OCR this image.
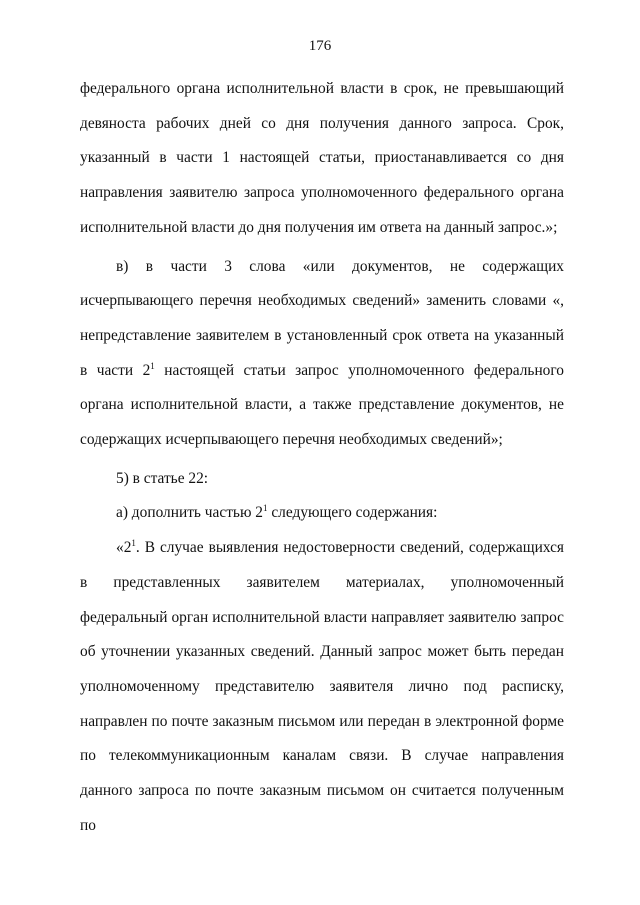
176

федерального органа исполнительной власти в срок, не превышающий девяноста рабочих дней со дня получения данного запроса. Срок, указанный в части 1 настоящей статьи, приостанавливается со дня направления заявителю запроса уполномоченного федерального органа исполнительной власти до дня получения им ответа на данный запрос.»;

в) в части 3 слова «или документов, не содержащих исчерпывающего перечня необходимых сведений» заменить словами «, непредставление заявителем в установленный срок ответа на указанный в части $2^1$ настоящей статьи запрос уполномоченного федерального органа исполнительной власти, а также представление документов, не содержащих исчерпывающего перечня необходимых сведений»;

5) в статье 22:

а) дополнить частью $2^1$ следующего содержания:

«$2^1$. В случае выявления недостоверности сведений, содержащихся в представленных заявителем материалах, уполномоченный федеральный орган исполнительной власти направляет заявителю запрос об уточнении указанных сведений. Данный запрос может быть передан уполномоченному представителю заявителя лично под расписку, направлен по почте заказным письмом или передан в электронной форме по телекоммуникационным каналам связи. В случае направления данного запроса по почте заказным письмом он считается полученным по
